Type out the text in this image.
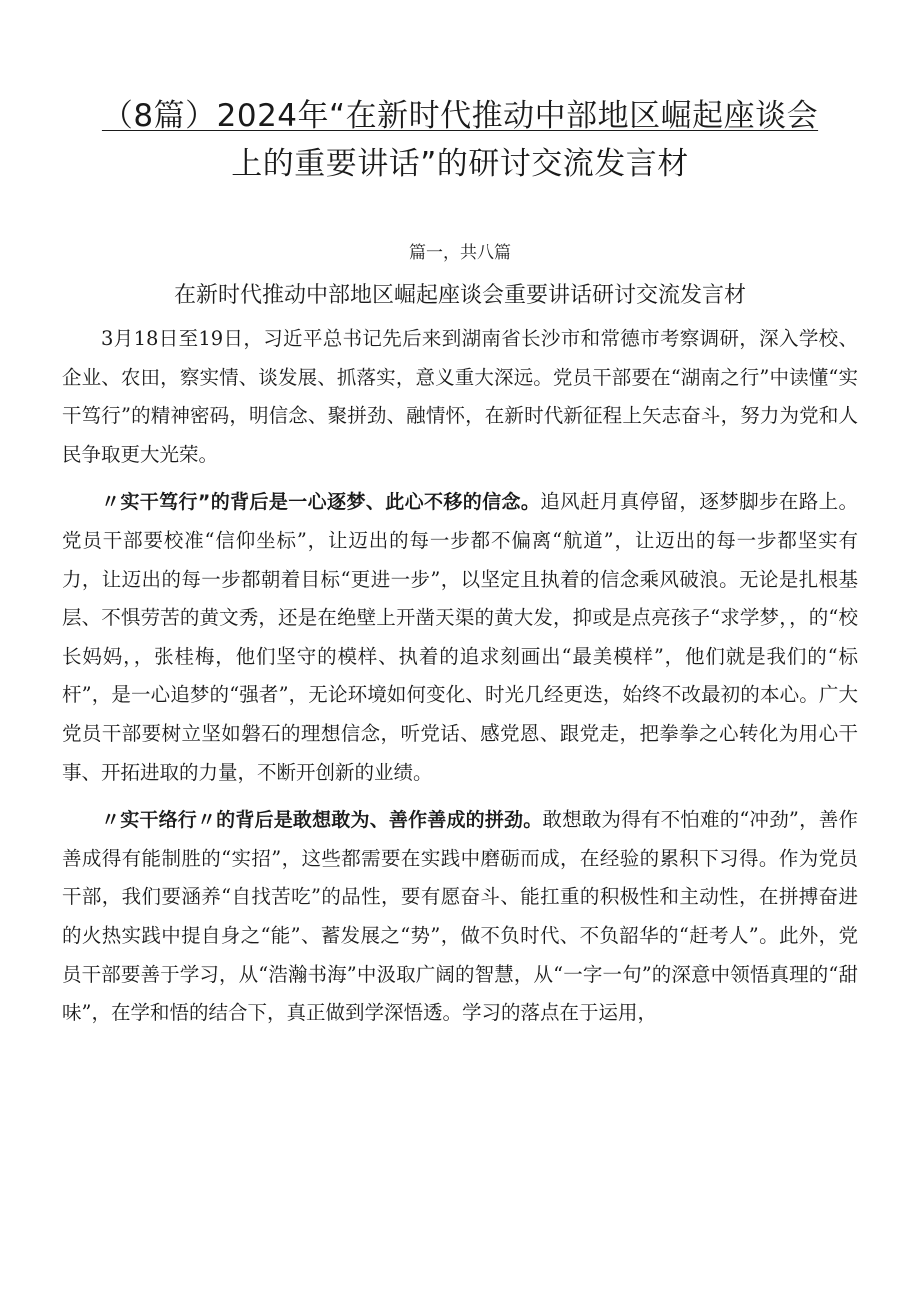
（8篇）2024年“在新时代推动中部地区崛起座谈会
上的重要讲话”的研讨交流发言材
篇一，共八篇
在新时代推动中部地区崛起座谈会重要讲话研讨交流发言材

3月18日至19日，习近平总书记先后来到湖南省长沙市和常德市考察调研，深入学校、企业、农田，察实情、谈发展、抓落实，意义重大深远。党员干部要在“湖南之行”中读懂“实干笃行”的精神密码，明信念、聚拼劲、融情怀，在新时代新征程上矢志奋斗，努力为党和人民争取更大光荣。

〃实干笃行”的背后是一心逐梦、此心不移的信念。追风赶月真停留，逐梦脚步在路上。党员干部要校准“信仰坐标”，让迈出的每一步都不偏离“航道”，让迈出的每一步都坚实有力，让迈出的每一步都朝着目标“更进一步”，以坚定且执着的信念乘风破浪。无论是扎根基层、不惧劳苦的黄文秀，还是在绝壁上开凿天渠的黄大发，抑或是点亮孩子“求学梦，，的“校长妈妈，，张桂梅，他们坚守的模样、执着的追求刻画出“最美模样”，他们就是我们的“标杆”，是一心追梦的“强者”，无论环境如何变化、时光几经更迭，始终不改最初的本心。广大党员干部要树立坚如磐石的理想信念，听党话、感党恩、跟党走，把拳拳之心转化为用心干事、开拓进取的力量，不断开创新的业绩。

〃实干络行〃的背后是敢想敢为、善作善成的拼劲。敢想敢为得有不怕难的“冲劲”，善作善成得有能制胜的“实招”，这些都需要在实践中磨砺而成，在经验的累积下习得。作为党员干部，我们要涵养“自找苦吃”的品性，要有愿奋斗、能扛重的积极性和主动性，在拼搏奋进的火热实践中提自身之“能”、蓄发展之“势”，做不负时代、不负韶华的“赶考人”。此外，党员干部要善于学习，从“浩瀚书海”中汲取广阔的智慧，从“一字一句”的深意中领悟真理的“甜味”，在学和悟的结合下，真正做到学深悟透。学习的落点在于运用，
